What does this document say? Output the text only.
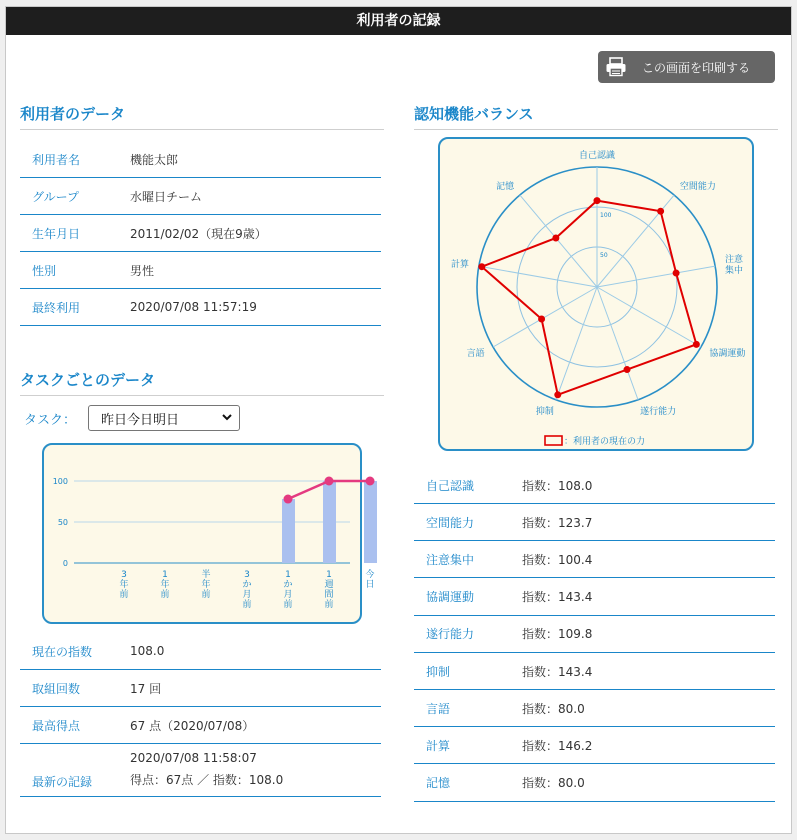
利用者の記録
この画面を印刷する
利用者のデータ
利用者名	機能太郎
グループ	水曜日チーム
生年月日	2011/02/02（現在9歳）
性別	男性
最終利用	2020/07/08 11:57:19
タスクごとのデータ
タスク：	昨日今日明日
0
50
100
3 年前
1 年前
半年前
3 か月前
1 か月前
1 週間前
今日
現在の指数	108.0
取組回数	17 回
最高得点	67 点（2020/07/08）
最新の記録
2020/07/08 11:58:07
得点：67点 ／ 指数：108.0
認知機能バランス
50
100
自己認識
空間能力
注意集中
協調運動
遂行能力
抑制
言語
計算
記憶
：利用者の現在の力
自己認識	指数：108.0
空間能力	指数：123.7
注意集中	指数：100.4
協調運動	指数：143.4
遂行能力	指数：109.8
抑制	指数：143.4
言語	指数：80.0
計算	指数：146.2
記憶	指数：80.0
